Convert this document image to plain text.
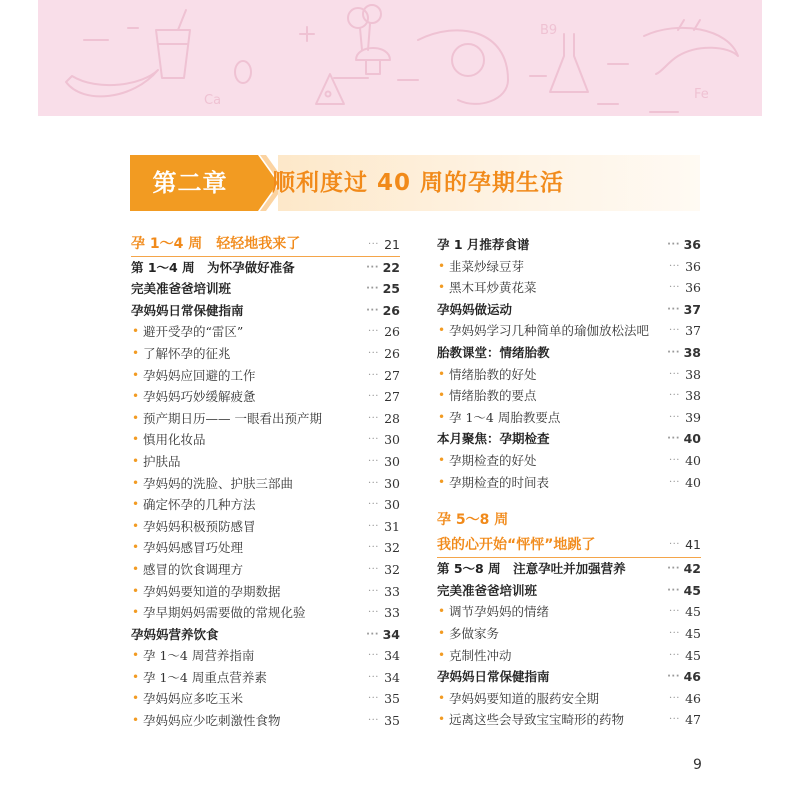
Ca
B9
Fe
第二章	顺利度过 40 周的孕期生活
孕 1～4 周　轻轻地我来了	··· 21
第 1～4 周　为怀孕做好准备	··· 22
完美准爸爸培训班	··· 25
孕妈妈日常保健指南	··· 26
• 避开受孕的“雷区”	··· 26
• 了解怀孕的征兆	··· 26
• 孕妈妈应回避的工作	··· 27
• 孕妈妈巧妙缓解疲惫	··· 27
• 预产期日历—— 一眼看出预产期	··· 28
• 慎用化妆品	··· 30
• 护肤品	··· 30
• 孕妈妈的洗脸、护肤三部曲	··· 30
• 确定怀孕的几种方法	··· 30
• 孕妈妈积极预防感冒	··· 31
• 孕妈妈感冒巧处理	··· 32
• 感冒的饮食调理方	··· 32
• 孕妈妈要知道的孕期数据	··· 33
• 孕早期妈妈需要做的常规化验	··· 33
孕妈妈营养饮食	··· 34
• 孕 1～4 周营养指南	··· 34
• 孕 1～4 周重点营养素	··· 34
• 孕妈妈应多吃玉米	··· 35
• 孕妈妈应少吃刺激性食物	··· 35
孕 1 月推荐食谱	··· 36
• 韭菜炒绿豆芽	··· 36
• 黑木耳炒黄花菜	··· 36
孕妈妈做运动	··· 37
• 孕妈妈学习几种简单的瑜伽放松法吧 ··· 37
胎教课堂：情绪胎教	··· 38
• 情绪胎教的好处	··· 38
• 情绪胎教的要点	··· 38
• 孕 1～4 周胎教要点	··· 39
本月聚焦：孕期检查	··· 40
• 孕期检查的好处	··· 40
• 孕期检查的时间表	··· 40
孕 5～8 周
我的心开始“怦怦”地跳了	··· 41
第 5～8 周　注意孕吐并加强营养	··· 42
完美准爸爸培训班	··· 45
• 调节孕妈妈的情绪	··· 45
• 多做家务	··· 45
• 克制性冲动	··· 45
孕妈妈日常保健指南	··· 46
• 孕妈妈要知道的服药安全期	··· 46
• 远离这些会导致宝宝畸形的药物	··· 47
9
